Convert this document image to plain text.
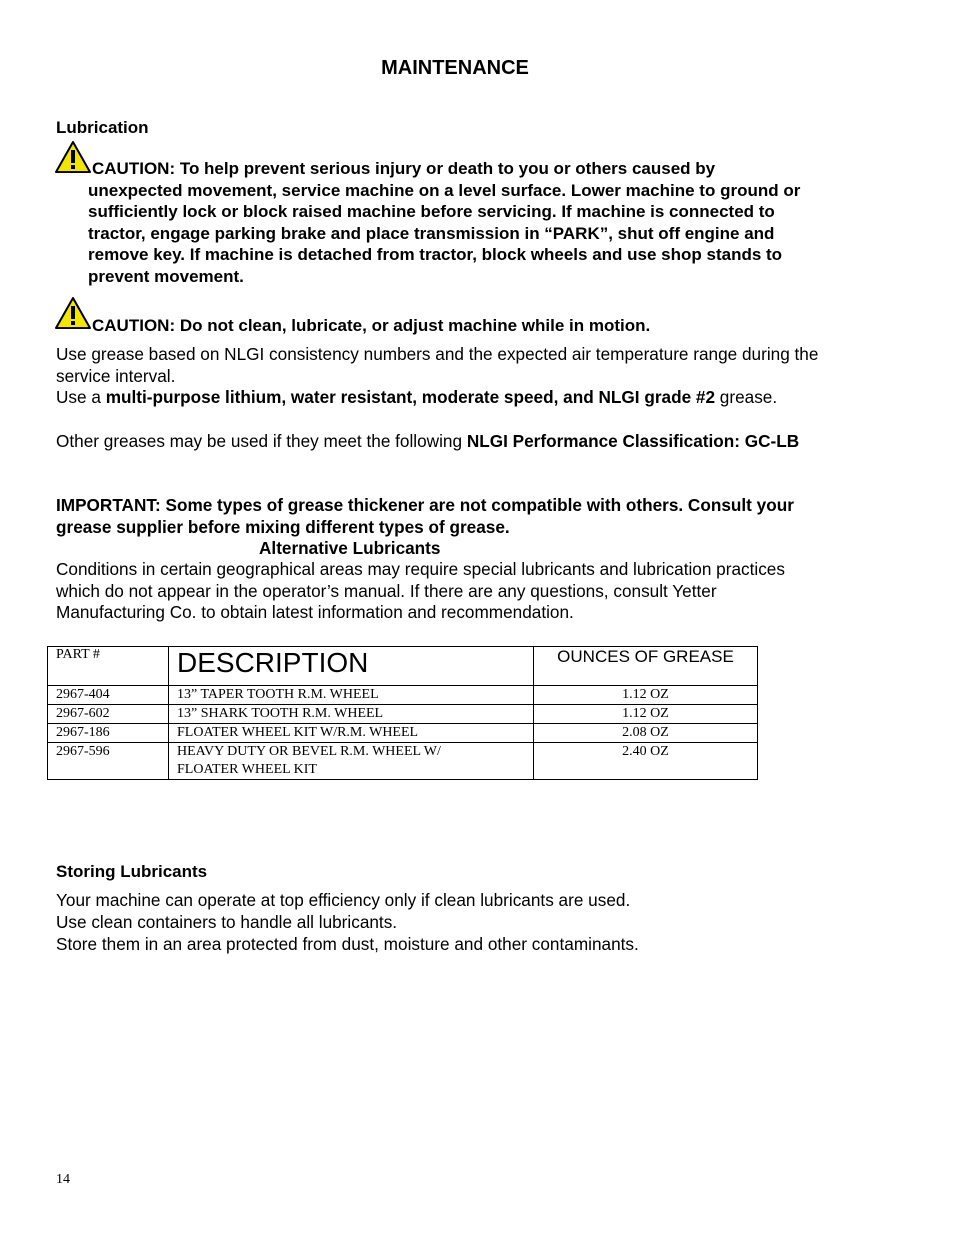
MAINTENANCE
Lubrication
CAUTION: To help prevent serious injury or death to you or others caused by
unexpected movement, service machine on a level surface. Lower machine to ground or sufficiently lock or block raised machine before servicing. If machine is connected to tractor, engage parking brake and place transmission in “PARK”, shut off engine and remove key. If machine is detached from tractor, block wheels and use shop stands to prevent movement.
CAUTION: Do not clean, lubricate, or adjust machine while in motion.
Use grease based on NLGI consistency numbers and the expected air temperature range during the service interval.
Use a multi-purpose lithium, water resistant, moderate speed, and NLGI grade #2 grease.
Other greases may be used if they meet the following NLGI Performance Classification: GC-LB
IMPORTANT: Some types of grease thickener are not compatible with others. Consult your grease supplier before mixing different types of grease.
Alternative Lubricants
Conditions in certain geographical areas may require special lubricants and lubrication practices which do not appear in the operator’s manual. If there are any questions, consult Yetter Manufacturing Co. to obtain latest information and recommendation.
PART #	DESCRIPTION	OUNCES OF GREASE
2967-404	13” TAPER TOOTH R.M. WHEEL	1.12 OZ
2967-602	13” SHARK TOOTH R.M. WHEEL	1.12 OZ
2967-186	FLOATER WHEEL KIT W/R.M. WHEEL	2.08 OZ
2967-596	HEAVY DUTY OR BEVEL R.M. WHEEL W/ FLOATER WHEEL KIT	2.40 OZ
Storing Lubricants
Your machine can operate at top efficiency only if clean lubricants are used.
Use clean containers to handle all lubricants.
Store them in an area protected from dust, moisture and other contaminants.
14
